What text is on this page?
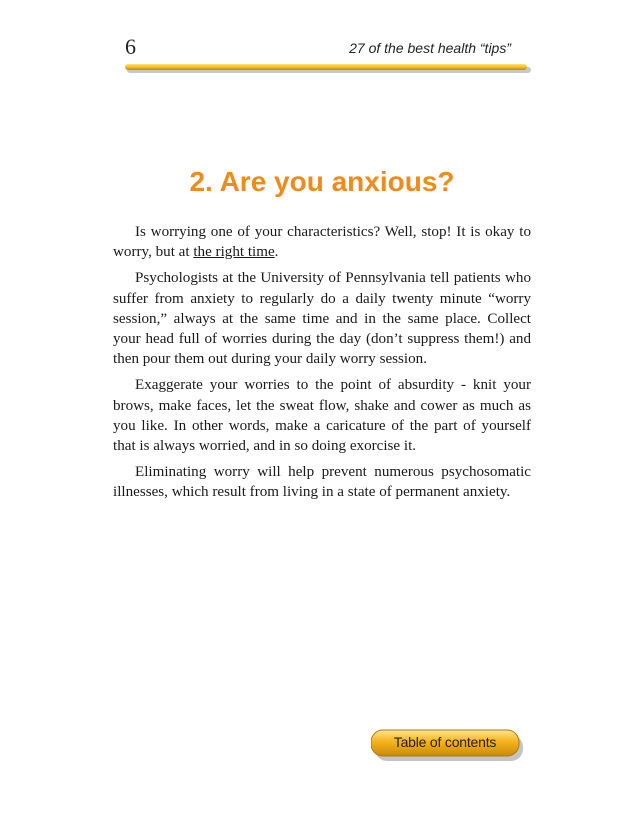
6	27 of the best health “tips”
2. Are you anxious?

Is worrying one of your characteristics? Well, stop! It is okay to worry, but at the right time.

Psychologists at the University of Pennsylvania tell patients who suffer from anxiety to regularly do a daily twenty minute “worry session,” always at the same time and in the same place. Collect your head full of worries during the day (don’t suppress them!) and then pour them out during your daily worry session.

Exaggerate your worries to the point of absurdity - knit your brows, make faces, let the sweat flow, shake and cower as much as you like. In other words, make a caricature of the part of yourself that is always worried, and in so doing exorcise it.

Eliminating worry will help prevent numerous psychosomatic illnesses, which result from living in a state of permanent anxiety.

Table of contents
